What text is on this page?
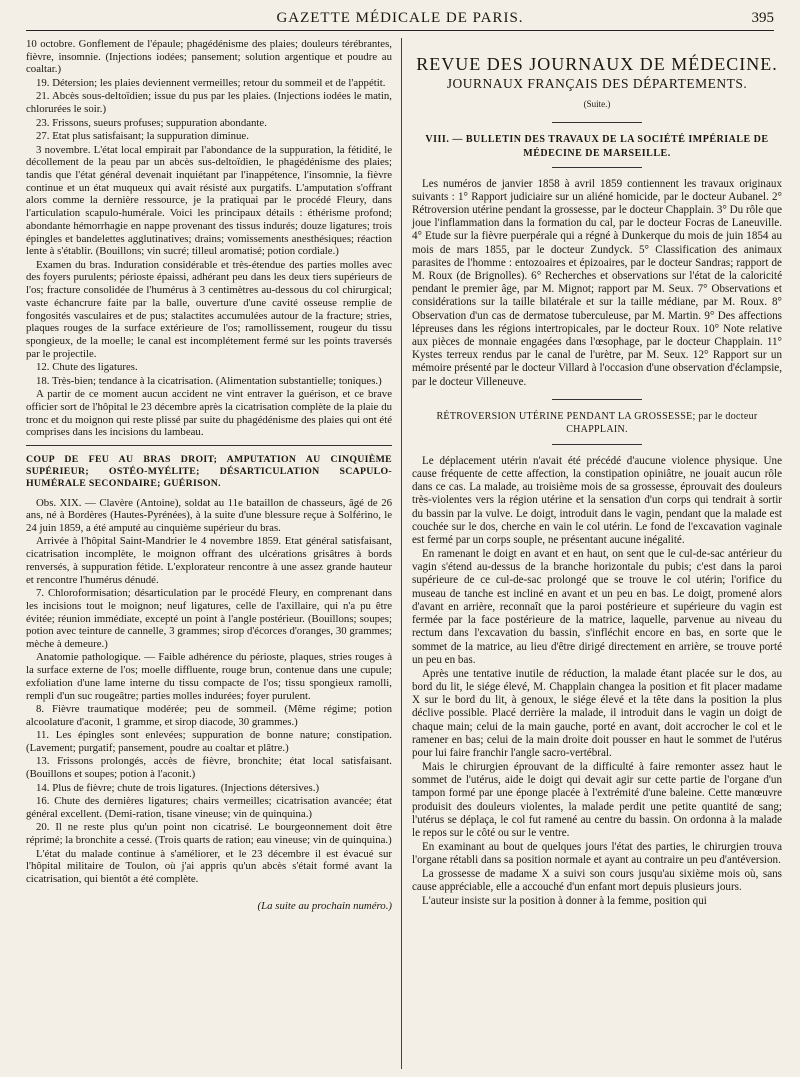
GAZETTE MÉDICALE DE PARIS.	395

10 octobre. Gonflement de l'épaule; phagédénisme des plaies; douleurs térébrantes, fièvre, insomnie. (Injections iodées; pansement; solution argentique et poudre au coaltar.)

19. Détersion; les plaies deviennent vermeilles; retour du sommeil et de l'appétit.

21. Abcès sous-deltoïdien; issue du pus par les plaies. (Injections iodées le matin, chlorurées le soir.)

23. Frissons, sueurs profuses; suppuration abondante.

27. Etat plus satisfaisant; la suppuration diminue.

3 novembre. L'état local empirait par l'abondance de la suppuration, la fétidité, le décollement de la peau par un abcès sus-deltoïdien, le phagédénisme des plaies; tandis que l'état général devenait inquiétant par l'inappétence, l'insomnie, la fièvre continue et un état muqueux qui avait résisté aux purgatifs. L'amputation s'offrant alors comme la dernière ressource, je la pratiquai par le procédé Fleury, dans l'articulation scapulo-humérale. Voici les principaux détails : éthérisme profond; abondante hémorrhagie en nappe provenant des tissus indurés; douze ligatures; trois épingles et bandelettes agglutinatives; drains; vomissements anesthésiques; réaction lente à s'établir. (Bouillons; vin sucré; tilleul aromatisé; potion cordiale.)

Examen du bras. Induration considérable et très-étendue des parties molles avec des foyers purulents; périoste épaissi, adhérant peu dans les deux tiers supérieurs de l'os; fracture consolidée de l'humérus à 3 centimètres au-dessous du col chirurgical; vaste échancrure faite par la balle, ouverture d'une cavité osseuse remplie de fongosités vasculaires et de pus; stalactites accumulées autour de la fracture; stries, plaques rouges de la surface extérieure de l'os; ramollissement, rougeur du tissu spongieux, de la moelle; le canal est incomplétement fermé sur les points traversés par le projectile.

12. Chute des ligatures.

18. Très-bien; tendance à la cicatrisation. (Alimentation substantielle; toniques.)

A partir de ce moment aucun accident ne vint entraver la guérison, et ce brave officier sort de l'hôpital le 23 décembre après la cicatrisation complète de la plaie du tronc et du moignon qui reste plissé par suite du phagédénisme des plaies qui ont été comprises dans les incisions du lambeau.

COUP DE FEU AU BRAS DROIT; AMPUTATION AU CINQUIÈME SUPÉRIEUR; OSTÉO-MYÉLITE; DÉSARTICULATION SCAPULO-HUMÉRALE SECONDAIRE; GUÉRISON.

Obs. XIX. — Clavère (Antoine), soldat au 11e bataillon de chasseurs, âgé de 26 ans, né à Bordères (Hautes-Pyrénées), à la suite d'une blessure reçue à Solférino, le 24 juin 1859, a été amputé au cinquième supérieur du bras.

Arrivée à l'hôpital Saint-Mandrier le 4 novembre 1859. Etat général satisfaisant, cicatrisation incomplète, le moignon offrant des ulcérations grisâtres à bords renversés, à suppuration fétide. L'explorateur rencontre à une assez grande hauteur et rencontre l'humérus dénudé.

7. Chloroformisation; désarticulation par le procédé Fleury, en comprenant dans les incisions tout le moignon; neuf ligatures, celle de l'axillaire, qui n'a pu être évitée; réunion immédiate, excepté un point à l'angle postérieur. (Bouillons; soupes; potion avec teinture de cannelle, 3 grammes; sirop d'écorces d'oranges, 30 grammes; mèche à demeure.)

Anatomie pathologique. — Faible adhérence du périoste, plaques, stries rouges à la surface externe de l'os; moelle diffluente, rouge brun, contenue dans une cupule; exfoliation d'une lame interne du tissu compacte de l'os; tissu spongieux ramolli, rempli d'un suc rougeâtre; parties molles indurées; foyer purulent.

8. Fièvre traumatique modérée; peu de sommeil. (Même régime; potion alcoolature d'aconit, 1 gramme, et sirop diacode, 30 grammes.)

11. Les épingles sont enlevées; suppuration de bonne nature; constipation. (Lavement; purgatif; pansement, poudre au coaltar et plâtre.)

13. Frissons prolongés, accès de fièvre, bronchite; état local satisfaisant. (Bouillons et soupes; potion à l'aconit.)

14. Plus de fièvre; chute de trois ligatures. (Injections détersives.)

16. Chute des dernières ligatures; chairs vermeilles; cicatrisation avancée; état général excellent. (Demi-ration, tisane vineuse; vin de quinquina.)

20. Il ne reste plus qu'un point non cicatrisé. Le bourgeonnement doit être réprimé; la bronchite a cessé. (Trois quarts de ration; eau vineuse; vin de quinquina.)

L'état du malade continue à s'améliorer, et le 23 décembre il est évacué sur l'hôpital militaire de Toulon, où j'ai appris qu'un abcès s'était formé avant la cicatrisation, qui bientôt a été complète.

(La suite au prochain numéro.)
REVUE DES JOURNAUX DE MÉDECINE.
JOURNAUX FRANÇAIS DES DÉPARTEMENTS.
(Suite.)
VIII. — BULLETIN DES TRAVAUX DE LA SOCIÉTÉ IMPÉRIALE DE MÉDECINE DE MARSEILLE.

Les numéros de janvier 1858 à avril 1859 contiennent les travaux originaux suivants : 1° Rapport judiciaire sur un aliéné homicide, par le docteur Aubanel. 2° Rétroversion utérine pendant la grossesse, par le docteur Chapplain. 3° Du rôle que joue l'inflammation dans la formation du cal, par le docteur Focras de Laneuville. 4° Etude sur la fièvre puerpérale qui a régné à Dunkerque du mois de juin 1854 au mois de mars 1855, par le docteur Zundyck. 5° Classification des animaux parasites de l'homme : entozoaires et épizoaires, par le docteur Sandras; rapport de M. Roux (de Brignolles). 6° Recherches et observations sur l'état de la caloricité pendant le premier âge, par M. Mignot; rapport par M. Seux. 7° Observations et considérations sur la taille bilatérale et sur la taille médiane, par M. Roux. 8° Observation d'un cas de dermatose tuberculeuse, par M. Martin. 9° Des affections lépreuses dans les régions intertropicales, par le docteur Roux. 10° Note relative aux pièces de monnaie engagées dans l'œsophage, par le docteur Chapplain. 11° Kystes terreux rendus par le canal de l'urètre, par M. Seux. 12° Rapport sur un mémoire présenté par le docteur Villard à l'occasion d'une observation d'éclampsie, par le docteur Villeneuve.

RÉTROVERSION UTÉRINE PENDANT LA GROSSESSE; par le docteur CHAPPLAIN.

Le déplacement utérin n'avait été précédé d'aucune violence physique. Une cause fréquente de cette affection, la constipation opiniâtre, ne jouait aucun rôle dans ce cas. La malade, au troisième mois de sa grossesse, éprouvait des douleurs très-violentes vers la région utérine et la sensation d'un corps qui tendrait à sortir du bassin par la vulve. Le doigt, introduit dans le vagin, pendant que la malade est couchée sur le dos, cherche en vain le col utérin. Le fond de l'excavation vaginale est fermé par un corps souple, ne présentant aucune inégalité.

En ramenant le doigt en avant et en haut, on sent que le cul-de-sac antérieur du vagin s'étend au-dessus de la branche horizontale du pubis; c'est dans la paroi supérieure de ce cul-de-sac prolongé que se trouve le col utérin; l'orifice du museau de tanche est incliné en avant et un peu en bas. Le doigt, promené alors d'avant en arrière, reconnaît que la paroi postérieure et supérieure du vagin est fermée par la face postérieure de la matrice, laquelle, parvenue au niveau du rectum dans l'excavation du bassin, s'infléchit encore en bas, en sorte que le sommet de la matrice, au lieu d'être dirigé directement en arrière, se trouve porté un peu en bas.

Après une tentative inutile de réduction, la malade étant placée sur le dos, au bord du lit, le siége élevé, M. Chapplain changea la position et fit placer madame X sur le bord du lit, à genoux, le siége élevé et la tête dans la position la plus déclive possible. Placé derrière la malade, il introduit dans le vagin un doigt de chaque main; celui de la main gauche, porté en avant, doit accrocher le col et le ramener en bas; celui de la main droite doit pousser en haut le sommet de l'utérus pour lui faire franchir l'angle sacro-vertébral.

Mais le chirurgien éprouvant de la difficulté à faire remonter assez haut le sommet de l'utérus, aide le doigt qui devait agir sur cette partie de l'organe d'un tampon formé par une éponge placée à l'extrémité d'une baleine. Cette manœuvre produisit des douleurs violentes, la malade perdit une petite quantité de sang; l'utérus se déplaça, le col fut ramené au centre du bassin. On ordonna à la malade le repos sur le côté ou sur le ventre.

En examinant au bout de quelques jours l'état des parties, le chirurgien trouva l'organe rétabli dans sa position normale et ayant au contraire un peu d'antéversion.

La grossesse de madame X a suivi son cours jusqu'au sixième mois où, sans cause appréciable, elle a accouché d'un enfant mort depuis plusieurs jours.

L'auteur insiste sur la position à donner à la femme, position qui
